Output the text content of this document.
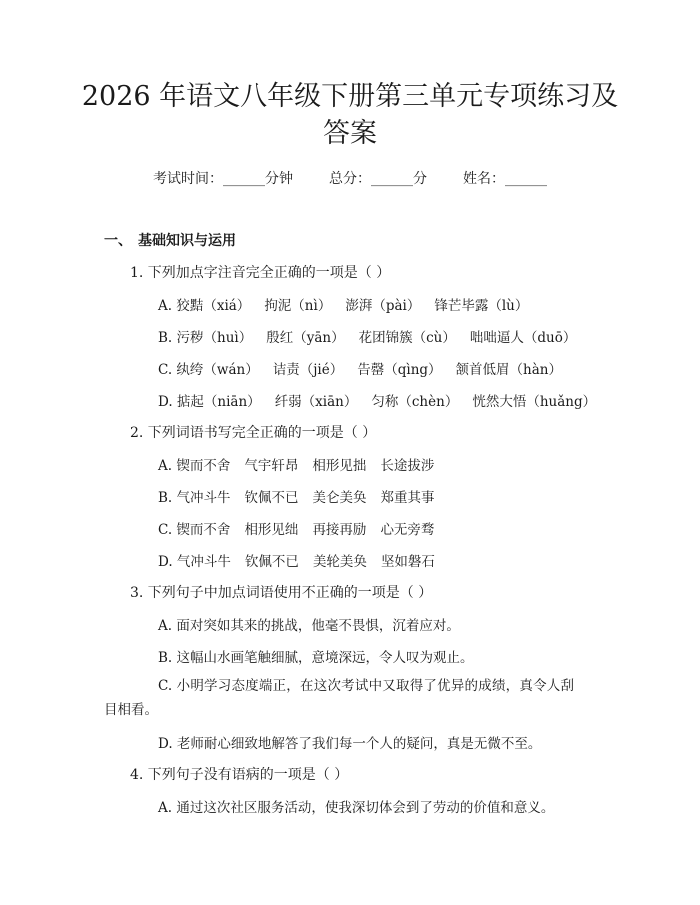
2026 年语文八年级下册第三单元专项练习及
答案
考试时间：______分钟	总分：______分	姓名：______
一、 基础知识与运用
1. 下列加点字注音完全正确的一项是（ ）
A. 狡黠（xiá） 拘泥（nì） 澎湃（pài） 锋芒毕露（lù）
B. 污秽（huì） 殷红（yān） 花团锦簇（cù） 咄咄逼人（duō）
C. 纨绔（wán） 诘责（jié） 告罄（qìng） 颔首低眉（hàn）
D. 掂起（niān） 纤弱（xiān） 匀称（chèn） 恍然大悟（huǎng）
2. 下列词语书写完全正确的一项是（ ）
A. 锲而不舍 气宇轩昂 相形见拙 长途拔涉
B. 气冲斗牛 钦佩不已 美仑美奂 郑重其事
C. 锲而不舍 相形见绌 再接再励 心无旁骛
D. 气冲斗牛 钦佩不已 美轮美奂 坚如磐石
3. 下列句子中加点词语使用不正确的一项是（ ）
A. 面对突如其来的挑战，他毫不畏惧，沉着应对。
B. 这幅山水画笔触细腻，意境深远，令人叹为观止。
C. 小明学习态度端正，在这次考试中又取得了优异的成绩，真令人刮目相看。
D. 老师耐心细致地解答了我们每一个人的疑问，真是无微不至。
4. 下列句子没有语病的一项是（ ）
A. 通过这次社区服务活动，使我深切体会到了劳动的价值和意义。
